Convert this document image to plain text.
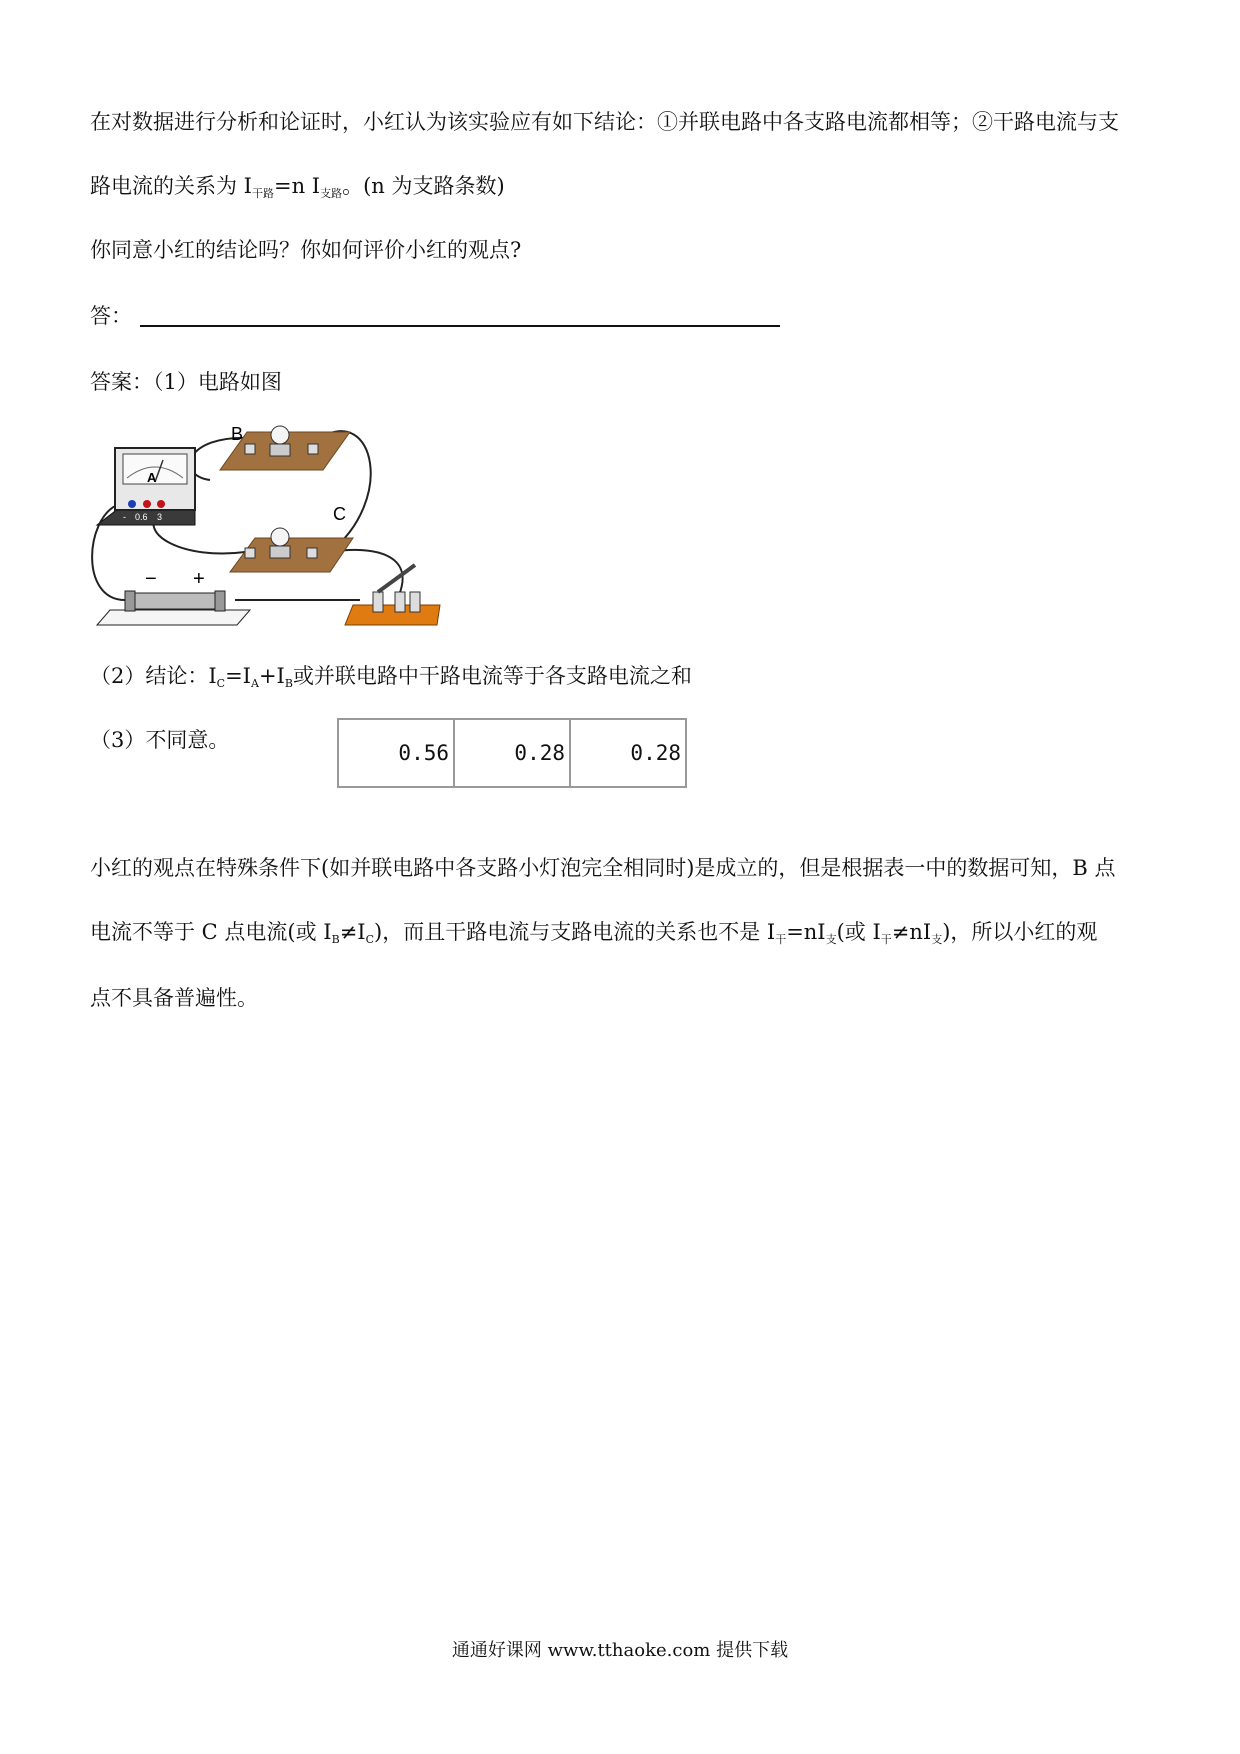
在对数据进行分析和论证时，小红认为该实验应有如下结论：①并联电路中各支路电流都相等；②干路电流与支
路电流的关系为 $I_{干路}=n$ $I_{支路}$。(n 为支路条数)
你同意小红的结论吗？你如何评价小红的观点?
答：
答案：（1）电路如图
A
- 0.6 3
B
C
− +
（2）结论：$I_C=I_A+I_B$或并联电路中干路电流等于各支路电流之和
（3）不同意。
0.56	0.28	0.28
小红的观点在特殊条件下(如并联电路中各支路小灯泡完全相同时)是成立的，但是根据表一中的数据可知，B 点
电流不等于 C 点电流(或 $I_B\ne I_C$)，而且干路电流与支路电流的关系也不是 $I_干=nI_支$(或 $I_干\ne nI_支$)，所以小红的观
点不具备普遍性。
通通好课网 www.tthaoke.com 提供下载
